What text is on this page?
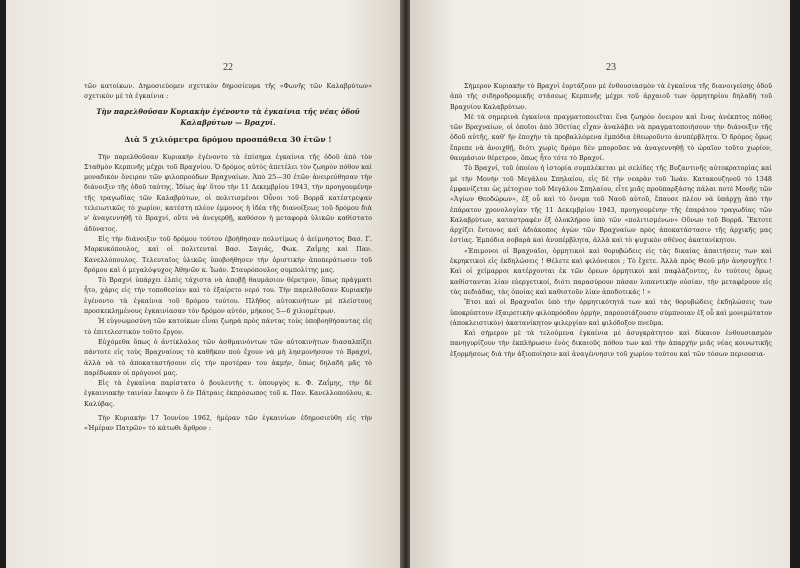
22

τῶν κατοίκων. Δημοσιεύομεν σχετικὸν δημοσίευμα τῆς «Φωνῆς τῶν Καλαβρύτων» σχετικὸν μὲ τὰ ἐγκαίνια :

Τὴν παρελθοῦσαν Κυριακὴν ἐγένοντο τὰ ἐγκαίνια τῆς νέας ὁδοῦ Καλαβρύτων — Βραχνί.
Διὰ 5 χιλιόμετρα δρόμου προσπάθεια 30 ἐτῶν !

Τὴν παρελθοῦσαν Κυριακὴν ἐγένοντο τὰ ἐπίσημα ἐγκαίνια τῆς ὁδοῦ ἀπὸ τὸν Σταθμὸν Κερπινῆς μέχρι τοῦ Βραχνίου. Ὁ δρόμος αὐτὸς ἀπετέλει τὸν ζωηρὸν πόθον καὶ μοναδικὸν ὄνειρον τῶν φιλοπροόδων Βραχναίων. Ἀπὸ 25—30 ἐτῶν ἀνειρεύθησαν τὴν διάνοιξιν τῆς ὁδοῦ ταύτης. Ἰδίως ἀφ' ὅτου τὴν 11 Δεκεμβρίου 1943, τὴν προηγουμένην τῆς τραγωδίας τῶν Καλαβρύτων, οἱ πολιτισμένοι Οὗνοι τοῦ Βορρᾶ κατέστρεψαν τελειωτικῶς τὸ χωρίον, κατέστη πλέον ἐμμονος ἡ ἰδέα τῆς διανοίξεως τοῦ δρόμου διὰ ν' ἀναγεννηθῇ τὸ Βραχνί, οὔτε νὰ ἀνεγερθῇ, καθόσον ἡ μεταφορὰ ὑλικῶν καθίστατο ἀδύνατος.

Εἰς τὴν διάνοιξιν τοῦ δρόμου τούτου ἐβοήθησαν πολυτίμως ὁ ἀείμνηστος Βασ. Γ. Μαρκυκόπουλος, καὶ οἱ πολιτευταὶ Βασ. Σαγιάς, Φωκ. Ζαΐμης καὶ Παν. Κανελλόπουλος. Τελευταῖος ὑλικῶς ὑποβοήθησεν τὴν ὁριστικὴν ἀποπεράτωσιν τοῦ δρόμου καὶ ὁ μεγαλόψυχος Ἀθηνῶν κ. Ἰωάν. Σταυρόπουλος συμπολίτης μας.

Τὸ Βραχνὶ ὑπάρχει ἐλπὶς τάχιστα νὰ ἀποβῇ θαυμάσιον θέρετρον, ὅπως πράγματι ἦτο, χάρις εἰς τὴν τοποθεσίαν καὶ τὸ ἐξαίρετο νερό του. Τὴν παρελθοῦσαν Κυριακὴν ἐγένοντο τὰ ἐγκαίνια τοῦ δρόμου τούτου. Πλῆθος αὐτοκινήτων μὲ πλείστους προσκεκλημένους ἐγκαινίασαν τὸν δρόμον αὐτόν, μήκους 5—6 χιλιομέτρων.

Ἡ εὐγνωμοσύνη τῶν κατοίκων εἶναι ζωηρὰ πρὸς πάντας τοὺς ὑποβοηθήσαντας εἰς τὸ ἐπιτελεστικὸν τοῦτο ἔργον.

Εὐχόμεθα ὅπως ὁ ἀντίκλαλος τῶν ἀσθμαινόντων τῶν αὐτοκινήτων διασαλπίζει πάντοτε εἰς τοὺς Βραχναίους τὸ καθῆκον ποὺ ἔχουν νὰ μὴ λησμονήσουν τὸ Βραχνί, ἀλλὰ νὰ τὸ ἀποκαταστήσουν εἰς τὴν προτέραν του ἀκμήν, ὅπως δηλαδὴ μᾶς τὸ παρέδωκαν οἱ πρόγονοί μας.

Εἰς τὰ ἐγκαίνια παρίστατο ὁ βουλευτὴς τ. ὑπουργὸς κ. Φ. Ζαΐμης, τὴν δὲ ἐγκαινιακὴν ταινίαν ἔκοψεν ὁ ἐν Πάτραις ἐκπρόσωπος τοῦ κ. Παν. Κανελλοπούλου, κ. Καλύβας.

Τὴν Κυριακὴν 17 Ἰουνίου 1962, ἡμέραν τῶν ἐγκαινίων ἐδημοσιεύθη εἰς τὴν «Ἡμέραν Πατρῶν» τὸ κάτωθι ἄρθρον :

23

Σήμερον Κυριακὴν τὸ Βραχνὶ ἑορτάζουν μὲ ἐνθουσιασμὸν τὰ ἐγκαίνια τῆς διανοιγείσης ὁδοῦ ἀπὸ τῆς σιδηροδρομικῆς στάσεως Κερπινῆς μέχρι τοῦ ἀρχαιοῦ των ὁρμητηρίου δηλαδὴ τοῦ Βραχνίου Καλαβρύτων.

Μὲ τὰ σημερινὰ ἐγκαίνια πραγματοποιεῖται ἕνα ζωηρὸν ὄνειρον καὶ ἕνας ἀνέκπτος πόθος τῶν Βραχναίων, οἱ ὁποῖοι ἀπὸ 30ετίας εἶχαν ἀναλάβει νὰ πραγματοποιήσουν τὴν διάνοιξιν τῆς ὁδοῦ αὐτῆς, καθ' ἣν ἐποχὴν τὰ προβαλλόμενα ἐμπόδια ἐθεωροῦντο ἀνυπέρβλητα. Ὁ δρόμος ὅμως ἔπρεπε νὰ ἀνοιχθῇ, διότι χωρὶς δρόμο δὲν μποροῦσε νὰ ἀναγεννηθῇ τὸ ὡραῖον τοῦτο χωρίον, θαυμάσιον θέρετρον, ὅπως ἦτο τότε τὸ Βραχνί.

Τὸ Βραχνί, τοῦ ὁποίου ἡ ἱστορία συμπλέκεται μὲ σελίδες τῆς Βυζαντινῆς αὐτοκρατορίας καὶ μὲ τὴν Μονὴν τοῦ Μεγάλου Σπηλαίου, εἰς δὲ τὴν νεαρὰν τοῦ Ἰωάν. Κατακουζηνοῦ τὸ 1348 ἐμφανίζεται ὡς μέτοχιον τοῦ Μεγάλου Σπηλαίου, εἶτε μιᾶς προϋπαρξάσης πάλαι ποτὲ Μονῆς τῶν «Ἁγίων Θεοδώρων», ἐξ οὗ καὶ τὸ ὄνομα τοῦ Ναοῦ αὐτοῦ, ἔπαυσε πλέον νὰ ὑπάρχῃ ἀπὸ τὴν ἐπάρατον χρονολογίαν τῆς 11 Δεκεμβρίου 1943, προηγουμένην τῆς ἐπαράτου τραγωδίας τῶν Καλαβρύτων, καταστραφὲν ἐξ ὁλοκλήρου ὑπὸ τῶν «πολιτισμένων» Οὔνων τοῦ Βορρᾶ. Ἔκτοτε ἀρχίζει ἔντονος καὶ ἀδιάκοπος ἀγὼν τῶν Βραχναίων πρὸς ἀποκατάστασιν τῆς ἀρχικῆς μας ἑστίας. Ἐμπόδια σοβαρὰ καὶ ἀνυπέρβλητα, ἀλλὰ καὶ τὸ ψυχικὸν σθένος ἀκατανίκητον.

«Ἐπιμονοι οἱ Βραχναῖοι, ὁρμητικοὶ καὶ θορυβώδεις εἰς τὰς δικαίας ἀπαιτήσεις των καὶ ἐκρηκτικοὶ εἰς ἐκδηλώσεις ! Θέλετε καὶ φιλόνεικοι ; Τὸ ἔχετε. Ἀλλὰ πρὸς Θεοῦ μὴν ἀνησυχῆτε ! Καὶ οἱ χείμαρροι κατέρχονται ἐκ τῶν ὄρεων ὁρμητικοὶ καὶ παφλάζοντες, ἐν τούτοις ὅμως καθίστανται λίαν εὐεργετικοί, διότι παρασύρουν πάσαν λιπαντικὴν οὐσίαν, τὴν μεταφέρουν εἰς τὰς πεδιάδας, τὰς ὁποίας καὶ καθιστοῦν λίαν ἀποδοτικάς ! »

Ἔτσι καὶ οἱ Βραχναῖοι ὑπὸ τὴν ὁρμητικότητά των καὶ τὰς θορυβώδεις ἐκδηλώσεις των ὑποκρύπτουν ἐξαιρετικὴν φιλοπρόοδον ὁρμήν, παρουσιάζουσιν σύμπνοιαν ἐξ οὗ καὶ μονιμώτατον (ἀποκλειστικὸν) ἀκατανίκητον φιλεργίαν καὶ φιλόδοξον πνεῦμα.

Καὶ σήμερον μὲ τὰ τελούμενα ἐγκαίνια μὲ ἀσυγκράτητον καὶ δίκαιον ἐνθουσιασμὸν πανηγυρίζουν τὴν ἐκπλήρωσιν ἑνὸς δικαιοῦς πόθου των καὶ τὴν ἀπαρχὴν μιᾶς νέας κοινωτικῆς ἐξορμήσεως διὰ τὴν ἀξιοποίησιν καὶ ἀναγέννησιν τοῦ χωρίου τούτου καὶ τῶν τόσων περιουσια-
